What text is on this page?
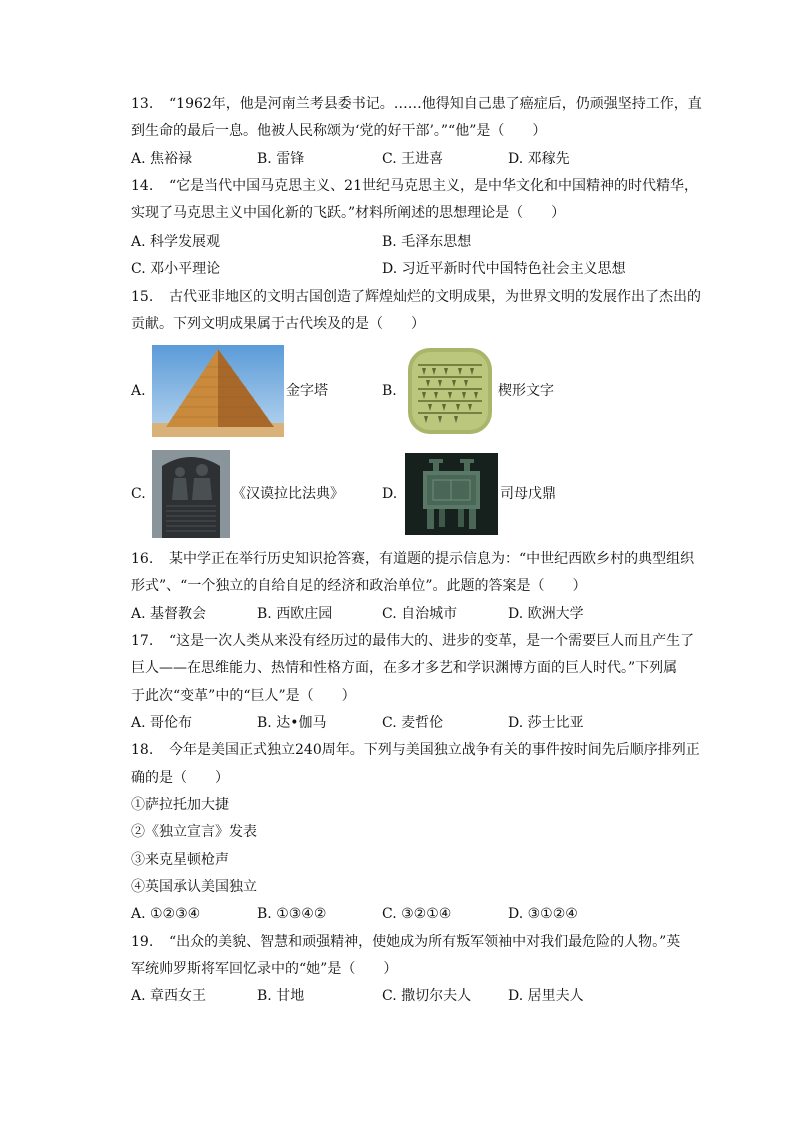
13. “1962年，他是河南兰考县委书记。……他得知自己患了癌症后，仍顽强坚持工作，直
到生命的最后一息。他被人民称颂为‘党的好干部’。”“他”是（　　）
A. 焦裕禄	B. 雷锋	C. 王进喜	D. 邓稼先
14. “它是当代中国马克思主义、21世纪马克思主义，是中华文化和中国精神的时代精华，
实现了马克思主义中国化新的飞跃。”材料所阐述的思想理论是（　　）
A. 科学发展观	B. 毛泽东思想
C. 邓小平理论	D. 习近平新时代中国特色社会主义思想
15. 古代亚非地区的文明古国创造了辉煌灿烂的文明成果，为世界文明的发展作出了杰出的
贡献。下列文明成果属于古代埃及的是（　　）
A.	金字塔	B.	楔形文字
C.	《汉谟拉比法典》	D.	司母戊鼎
16. 某中学正在举行历史知识抢答赛，有道题的提示信息为：“中世纪西欧乡村的典型组织
形式”、“一个独立的自给自足的经济和政治单位”。此题的答案是（　　）
A. 基督教会	B. 西欧庄园	C. 自治城市	D. 欧洲大学
17. “这是一次人类从来没有经历过的最伟大的、进步的变革，是一个需要巨人而且产生了
巨人——在思维能力、热情和性格方面，在多才多艺和学识渊博方面的巨人时代。”下列属
于此次“变革”中的“巨人”是（　　）
A. 哥伦布	B. 达•伽马	C. 麦哲伦	D. 莎士比亚
18. 今年是美国正式独立240周年。下列与美国独立战争有关的事件按时间先后顺序排列正
确的是（　　）
①萨拉托加大捷
②《独立宣言》发表
③来克星顿枪声
④英国承认美国独立
A. ①②③④	B. ①③④②	C. ③②①④	D. ③①②④
19. “出众的美貌、智慧和顽强精神，使她成为所有叛军领袖中对我们最危险的人物。”英
军统帅罗斯将军回忆录中的“她”是（　　）
A. 章西女王	B. 甘地	C. 撒切尔夫人	D. 居里夫人
